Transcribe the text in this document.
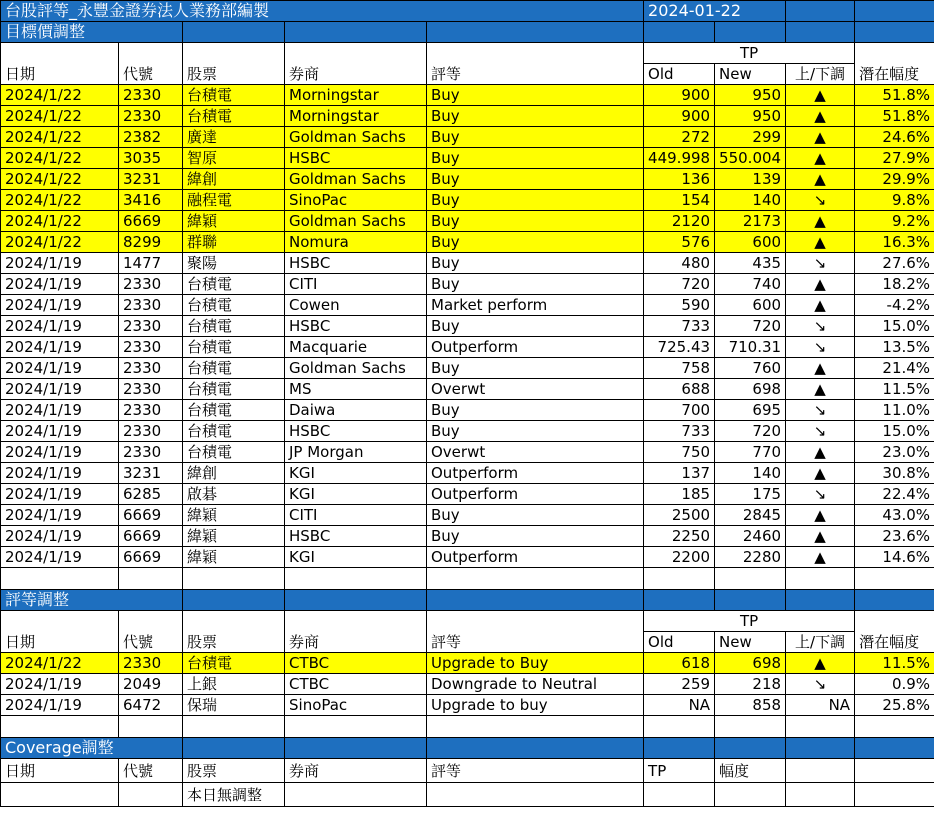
台股評等_永豐金證券法人業務部編製					2024-01-22			
目標價調整								
日期	代號	股票	券商	評等	TP			潛在幅度
					Old	New	上/下調	
2024/1/22	2330	台積電	Morningstar	Buy	900	950	▲	51.8%
2024/1/22	2330	台積電	Morningstar	Buy	900	950	▲	51.8%
2024/1/22	2382	廣達	Goldman Sachs	Buy	272	299	▲	24.6%
2024/1/22	3035	智原	HSBC	Buy	449.998	550.004	▲	27.9%
2024/1/22	3231	緯創	Goldman Sachs	Buy	136	139	▲	29.9%
2024/1/22	3416	融程電	SinoPac	Buy	154	140	↘	9.8%
2024/1/22	6669	緯穎	Goldman Sachs	Buy	2120	2173	▲	9.2%
2024/1/22	8299	群聯	Nomura	Buy	576	600	▲	16.3%
2024/1/19	1477	聚陽	HSBC	Buy	480	435	↘	27.6%
2024/1/19	2330	台積電	CITI	Buy	720	740	▲	18.2%
2024/1/19	2330	台積電	Cowen	Market perform	590	600	▲	-4.2%
2024/1/19	2330	台積電	HSBC	Buy	733	720	↘	15.0%
2024/1/19	2330	台積電	Macquarie	Outperform	725.43	710.31	↘	13.5%
2024/1/19	2330	台積電	Goldman Sachs	Buy	758	760	▲	21.4%
2024/1/19	2330	台積電	MS	Overwt	688	698	▲	11.5%
2024/1/19	2330	台積電	Daiwa	Buy	700	695	↘	11.0%
2024/1/19	2330	台積電	HSBC	Buy	733	720	↘	15.0%
2024/1/19	2330	台積電	JP Morgan	Overwt	750	770	▲	23.0%
2024/1/19	3231	緯創	KGI	Outperform	137	140	▲	30.8%
2024/1/19	6285	啟碁	KGI	Outperform	185	175	↘	22.4%
2024/1/19	6669	緯穎	CITI	Buy	2500	2845	▲	43.0%
2024/1/19	6669	緯穎	HSBC	Buy	2250	2460	▲	23.6%
2024/1/19	6669	緯穎	KGI	Outperform	2200	2280	▲	14.6%

評等調整								
日期	代號	股票	券商	評等	TP			潛在幅度
					Old	New	上/下調	
2024/1/22	2330	台積電	CTBC	Upgrade to Buy	618	698	▲	11.5%
2024/1/19	2049	上銀	CTBC	Downgrade to Neutral	259	218	↘	0.9%
2024/1/19	6472	保瑞	SinoPac	Upgrade to buy	NA	858	NA	25.8%

Coverage調整								
日期	代號	股票	券商	評等	TP	幅度		
		本日無調整						
